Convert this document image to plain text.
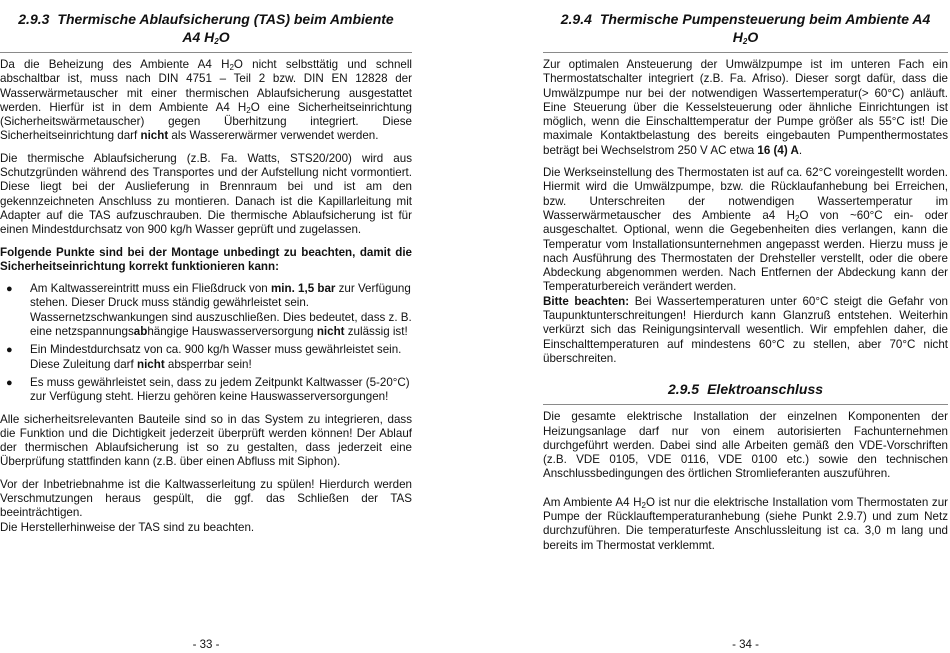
2.9.3 Thermische Ablaufsicherung (TAS) beim Ambiente
A4 $H_2O$

Da die Beheizung des Ambiente A4 $H_2O$ nicht selbsttätig und schnell abschaltbar ist, muss nach DIN 4751 – Teil 2 bzw. DIN EN 12828 der Wasserwärmetauscher mit einer thermischen Ablaufsicherung ausgestattet werden. Hierfür ist in dem Ambiente A4 $H_2O$ eine Sicherheitseinrichtung (Sicherheitswärmetauscher) gegen Überhitzung integriert. Diese Sicherheitseinrichtung darf nicht als Wassererwärmer verwendet werden.

Die thermische Ablaufsicherung (z.B. Fa. Watts, STS20/200) wird aus Schutzgründen während des Transportes und der Aufstellung nicht vormontiert. Diese liegt bei der Auslieferung in Brennraum bei und ist am den gekennzeichneten Anschluss zu montieren. Danach ist die Kapillarleitung mit Adapter auf die TAS aufzuschrauben. Die thermische Ablaufsicherung ist für einen Mindestdurchsatz von 900 kg/h Wasser geprüft und zugelassen.

Folgende Punkte sind bei der Montage unbedingt zu beachten, damit die Sicherheitseinrichtung korrekt funktionieren kann:

● Am Kaltwassereintritt muss ein Fließdruck von min. 1,5 bar zur Verfügung stehen. Dieser Druck muss ständig gewährleistet sein. Wassernetzschwankungen sind auszuschließen. Dies bedeutet, dass z. B. eine netzspannungsabhängige Hauswasserversorgung nicht zulässig ist!
● Ein Mindestdurchsatz von ca. 900 kg/h Wasser muss gewährleistet sein. Diese Zuleitung darf nicht absperrbar sein!
● Es muss gewährleistet sein, dass zu jedem Zeitpunkt Kaltwasser (5-20°C) zur Verfügung steht. Hierzu gehören keine Hauswasserversorgungen!

Alle sicherheitsrelevanten Bauteile sind so in das System zu integrieren, dass die Funktion und die Dichtigkeit jederzeit überprüft werden können! Der Ablauf der thermischen Ablaufsicherung ist so zu gestalten, dass jederzeit eine Überprüfung stattfinden kann (z.B. über einen Abfluss mit Siphon).

Vor der Inbetriebnahme ist die Kaltwasserleitung zu spülen! Hierdurch werden Verschmutzungen heraus gespült, die ggf. das Schließen der TAS beeinträchtigen.

Die Herstellerhinweise der TAS sind zu beachten.

- 33 -
2.9.4 Thermische Pumpensteuerung beim Ambiente A4
$H_2O$

Zur optimalen Ansteuerung der Umwälzpumpe ist im unteren Fach ein Thermostatschalter integriert (z.B. Fa. Afriso). Dieser sorgt dafür, dass die Umwälzpumpe nur bei der notwendigen Wassertemperatur(> 60°C) anläuft. Eine Steuerung über die Kesselsteuerung oder ähnliche Einrichtungen ist möglich, wenn die Einschalttemperatur der Pumpe größer als 55°C ist! Die maximale Kontaktbelastung des bereits eingebauten Pumpenthermostates beträgt bei Wechselstrom 250 V AC etwa 16 (4) A.

Die Werkseinstellung des Thermostaten ist auf ca. 62°C voreingestellt worden. Hiermit wird die Umwälzpumpe, bzw. die Rücklaufanhebung bei Erreichen, bzw. Unterschreiten der notwendigen Wassertemperatur im Wasserwärmetauscher des Ambiente a4 $H_2O$ von ~60°C ein- oder ausgeschaltet. Optional, wenn die Gegebenheiten dies verlangen, kann die Temperatur vom Installationsunternehmen angepasst werden. Hierzu muss je nach Ausführung des Thermostaten der Drehsteller verstellt, oder die obere Abdeckung abgenommen werden. Nach Entfernen der Abdeckung kann der Temperaturbereich verändert werden.

Bitte beachten: Bei Wassertemperaturen unter 60°C steigt die Gefahr von Taupunktunterschreitungen! Hierdurch kann Glanzruß entstehen. Weiterhin verkürzt sich das Reinigungsintervall wesentlich. Wir empfehlen daher, die Einschalttemperaturen auf mindestens 60°C zu stellen, aber 70°C nicht überschreiten.

2.9.5 Elektroanschluss

Die gesamte elektrische Installation der einzelnen Komponenten der Heizungsanlage darf nur von einem autorisierten Fachunternehmen durchgeführt werden. Dabei sind alle Arbeiten gemäß den VDE-Vorschriften (z.B. VDE 0105, VDE 0116, VDE 0100 etc.) sowie den technischen Anschlussbedingungen des örtlichen Stromlieferanten auszuführen.

Am Ambiente A4 $H_2O$ ist nur die elektrische Installation vom Thermostaten zur Pumpe der Rücklauftemperaturanhebung (siehe Punkt 2.9.7) und zum Netz durchzuführen. Die temperaturfeste Anschlussleitung ist ca. 3,0 m lang und bereits im Thermostat verklemmt.

- 34 -
